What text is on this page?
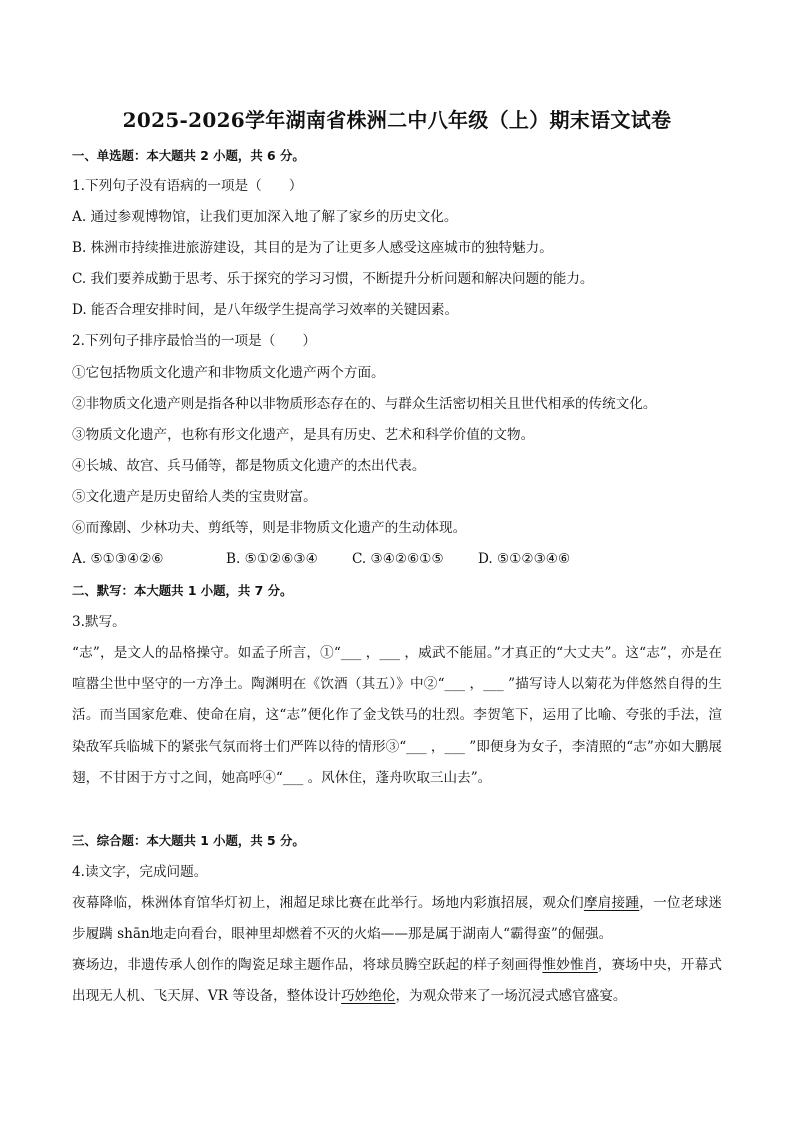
2025-2026学年湖南省株洲二中八年级（上）期末语文试卷
一、单选题：本大题共 2 小题，共 6 分。
1.下列句子没有语病的一项是（　　）
A. 通过参观博物馆，让我们更加深入地了解了家乡的历史文化。
B. 株洲市持续推进旅游建设，其目的是为了让更多人感受这座城市的独特魅力。
C. 我们要养成勤于思考、乐于探究的学习习惯，不断提升分析问题和解决问题的能力。
D. 能否合理安排时间，是八年级学生提高学习效率的关键因素。
2.下列句子排序最恰当的一项是（　　）
①它包括物质文化遗产和非物质文化遗产两个方面。
②非物质文化遗产则是指各种以非物质形态存在的、与群众生活密切相关且世代相承的传统文化。
③物质文化遗产，也称有形文化遗产，是具有历史、艺术和科学价值的文物。
④长城、故宫、兵马俑等，都是物质文化遗产的杰出代表。
⑤文化遗产是历史留给人类的宝贵财富。
⑥而豫剧、少林功夫、剪纸等，则是非物质文化遗产的生动体现。
A. ⑤①③④②⑥	B. ⑤①②⑥③④	C. ③④②⑥①⑤	D. ⑤①②③④⑥
二、默写：本大题共 1 小题，共 7 分。
3.默写。
“志”，是文人的品格操守。如孟子所言，①“___ ，___ ，威武不能屈。”才真正的“大丈夫”。这“志”，亦是在喧嚣尘世中坚守的一方净土。陶渊明在《饮酒（其五）》中②“___ ，___ ”描写诗人以菊花为伴悠然自得的生活。而当国家危难、使命在肩，这“志”便化作了金戈铁马的壮烈。李贺笔下，运用了比喻、夸张的手法，渲染敌军兵临城下的紧张气氛而将士们严阵以待的情形③“___ ，___ ”即便身为女子，李清照的“志”亦如大鹏展翅，不甘困于方寸之间，她高呼④“___ 。风休住，蓬舟吹取三山去”。
三、综合题：本大题共 1 小题，共 5 分。
4.读文字，完成问题。
夜幕降临，株洲体育馆华灯初上，湘超足球比赛在此举行。场地内彩旗招展，观众们摩肩接踵，一位老球迷步履蹒 shān地走向看台，眼神里却燃着不灭的火焰——那是属于湖南人“霸得蛮”的倔强。
赛场边，非遗传承人创作的陶瓷足球主题作品，将球员腾空跃起的样子刻画得惟妙惟肖，赛场中央，开幕式出现无人机、飞天屏、VR 等设备，整体设计巧妙绝伦，为观众带来了一场沉浸式感官盛宴。
